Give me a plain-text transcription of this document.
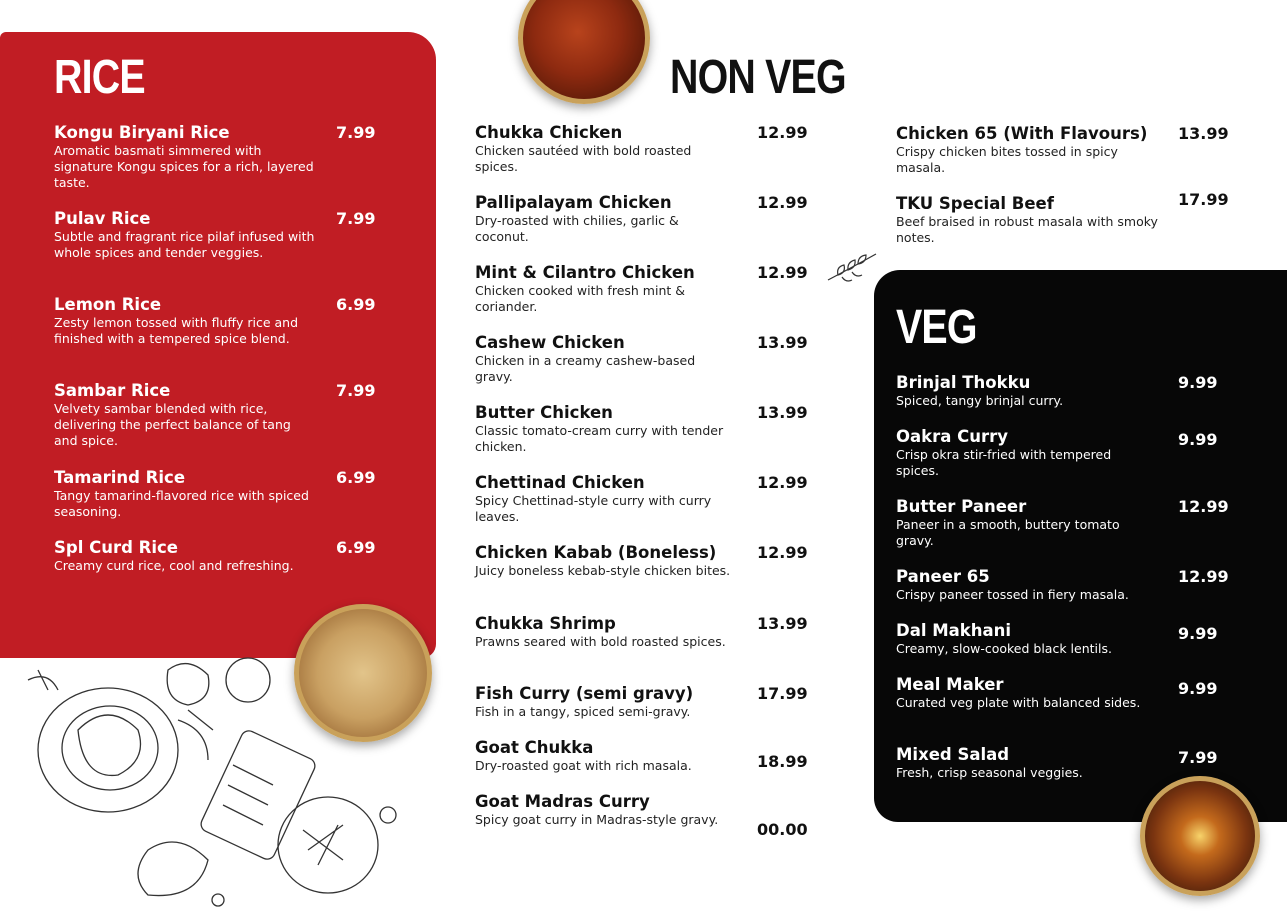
RICE	NON VEG
VEG
Kongu Biryani Rice
Aromatic basmati simmered with signature Kongu spices for a rich, layered taste.
7.99
Pulav Rice
Subtle and fragrant rice pilaf infused with whole spices and tender veggies.
7.99
Lemon Rice
Zesty lemon tossed with fluffy rice and finished with a tempered spice blend.
6.99
Sambar Rice
Velvety sambar blended with rice, delivering the perfect balance of tang and spice.
7.99
Tamarind Rice
Tangy tamarind-flavored rice with spiced seasoning.
6.99
Spl Curd Rice
Creamy curd rice, cool and refreshing.
6.99
Chukka Chicken
Chicken sautéed with bold roasted spices.
12.99
Pallipalayam Chicken
Dry-roasted with chilies, garlic & coconut.
12.99
Mint & Cilantro Chicken
Chicken cooked with fresh mint & coriander.
12.99
Cashew Chicken
Chicken in a creamy cashew-based gravy.
13.99
Butter Chicken
Classic tomato-cream curry with tender chicken.
13.99
Chettinad Chicken
Spicy Chettinad-style curry with curry leaves.
12.99
Chicken Kabab (Boneless)
Juicy boneless kebab-style chicken bites.
12.99
Chukka Shrimp
Prawns seared with bold roasted spices.
13.99
Fish Curry (semi gravy)
Fish in a tangy, spiced semi-gravy.
17.99
Goat Chukka
Dry-roasted goat with rich masala.	18.99
Goat Madras Curry
Spicy goat curry in Madras-style gravy.
00.00
Chicken 65 (With Flavours)
Crispy chicken bites tossed in spicy masala.
13.99
TKU Special Beef
Beef braised in robust masala with smoky notes.
17.99
Brinjal Thokku
Spiced, tangy brinjal curry.
9.99
Oakra Curry
Crisp okra stir-fried with tempered spices.
9.99
Butter Paneer
Paneer in a smooth, buttery tomato gravy.
12.99
Paneer 65
Crispy paneer tossed in fiery masala.
12.99
Dal Makhani
Creamy, slow-cooked black lentils.
9.99
Meal Maker
Curated veg plate with balanced sides.
9.99
Mixed Salad
Fresh, crisp seasonal veggies.
7.99
